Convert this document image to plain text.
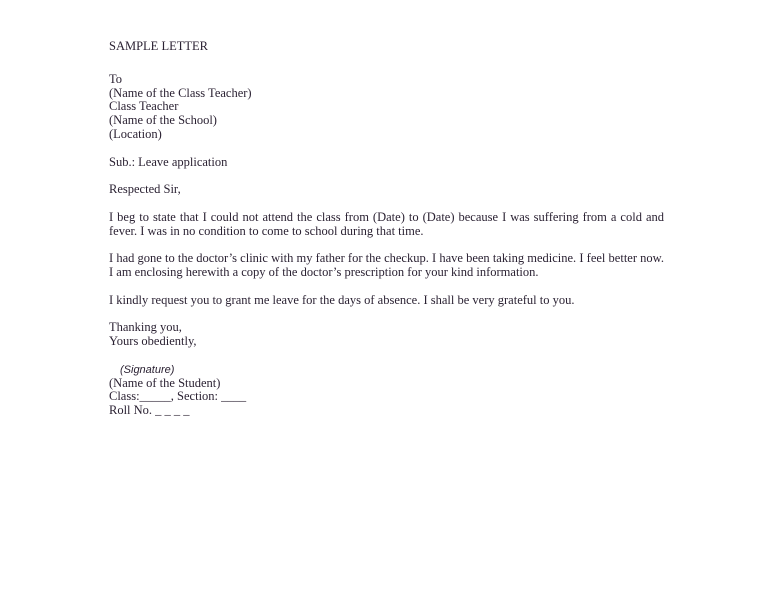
SAMPLE LETTER
To
(Name of the Class Teacher)
Class Teacher
(Name of the School)
(Location)
Sub.: Leave application
Respected Sir,
I beg to state that I could not attend the class from (Date) to (Date) because I was suffering from a cold and fever. I was in no condition to come to school during that time.
I had gone to the doctor’s clinic with my father for the checkup. I have been taking medicine. I feel better now. I am enclosing herewith a copy of the doctor’s prescription for your kind information.
I kindly request you to grant me leave for the days of absence. I shall be very grateful to you.
Thanking you,
Yours obediently,
(Signature)
(Name of the Student)
Class:_____, Section: ____
Roll No. _ _ _ _
